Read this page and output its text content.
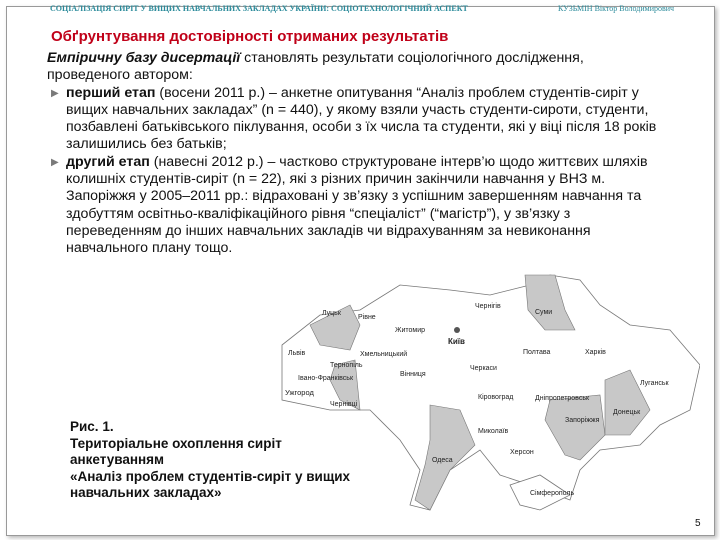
СОЦІАЛІЗАЦІЯ СИРІТ У ВИЩИХ НАВЧАЛЬНИХ ЗАКЛАДАХ УКРАЇНИ: СОЦІОТЕХНОЛОГІЧНИЙ АСПЕКТ	КУЗЬМІН Віктор Володимирович
Обґрунтування достовірності отриманих результатів
Емпіричну базу дисертації становлять результати соціологічного дослідження, проведеного автором:
▶ перший етап (восени 2011 р.) – анкетне опитування “Аналіз проблем студентів-сиріт у вищих навчальних закладах” (n = 440), у якому взяли участь студенти-сироти, студенти, позбавлені батьківського піклування, особи з їх числа та студенти, які у віці після 18 років залишились без батьків;
▶ другий етап (навесні 2012 р.) – частково структуроване інтерв’ю щодо життєвих шляхів колишніх студентів-сиріт (n = 22), які з різних причин закінчили навчання у ВНЗ м. Запоріжжя у 2005–2011 рр.: відраховані у зв’язку з успішним завершенням навчання та здобуттям освітньо-кваліфікаційного рівня “спеціаліст” (“магістр”), у зв’язку з переведенням до інших навчальних закладів чи відрахуванням за невиконання навчального плану тощо.
Луцьк
Рівне
Житомир
Київ
Чернігів
Суми
Львів
Тернопіль
Хмельницький
Вінниця
Черкаси
Полтава	Харків
Івано-Франківськ
Ужгород
Чернівці
Кіровоград	Дніпропетровськ
Луганськ
Донецьк
Запоріжжя
Миколаїв
Херсон
Одеса
Сімферополь
Рис. 1.
Територіальне охоплення сиріт анкетуванням
«Аналіз проблем студентів-сиріт у вищих навчальних закладах»
5
